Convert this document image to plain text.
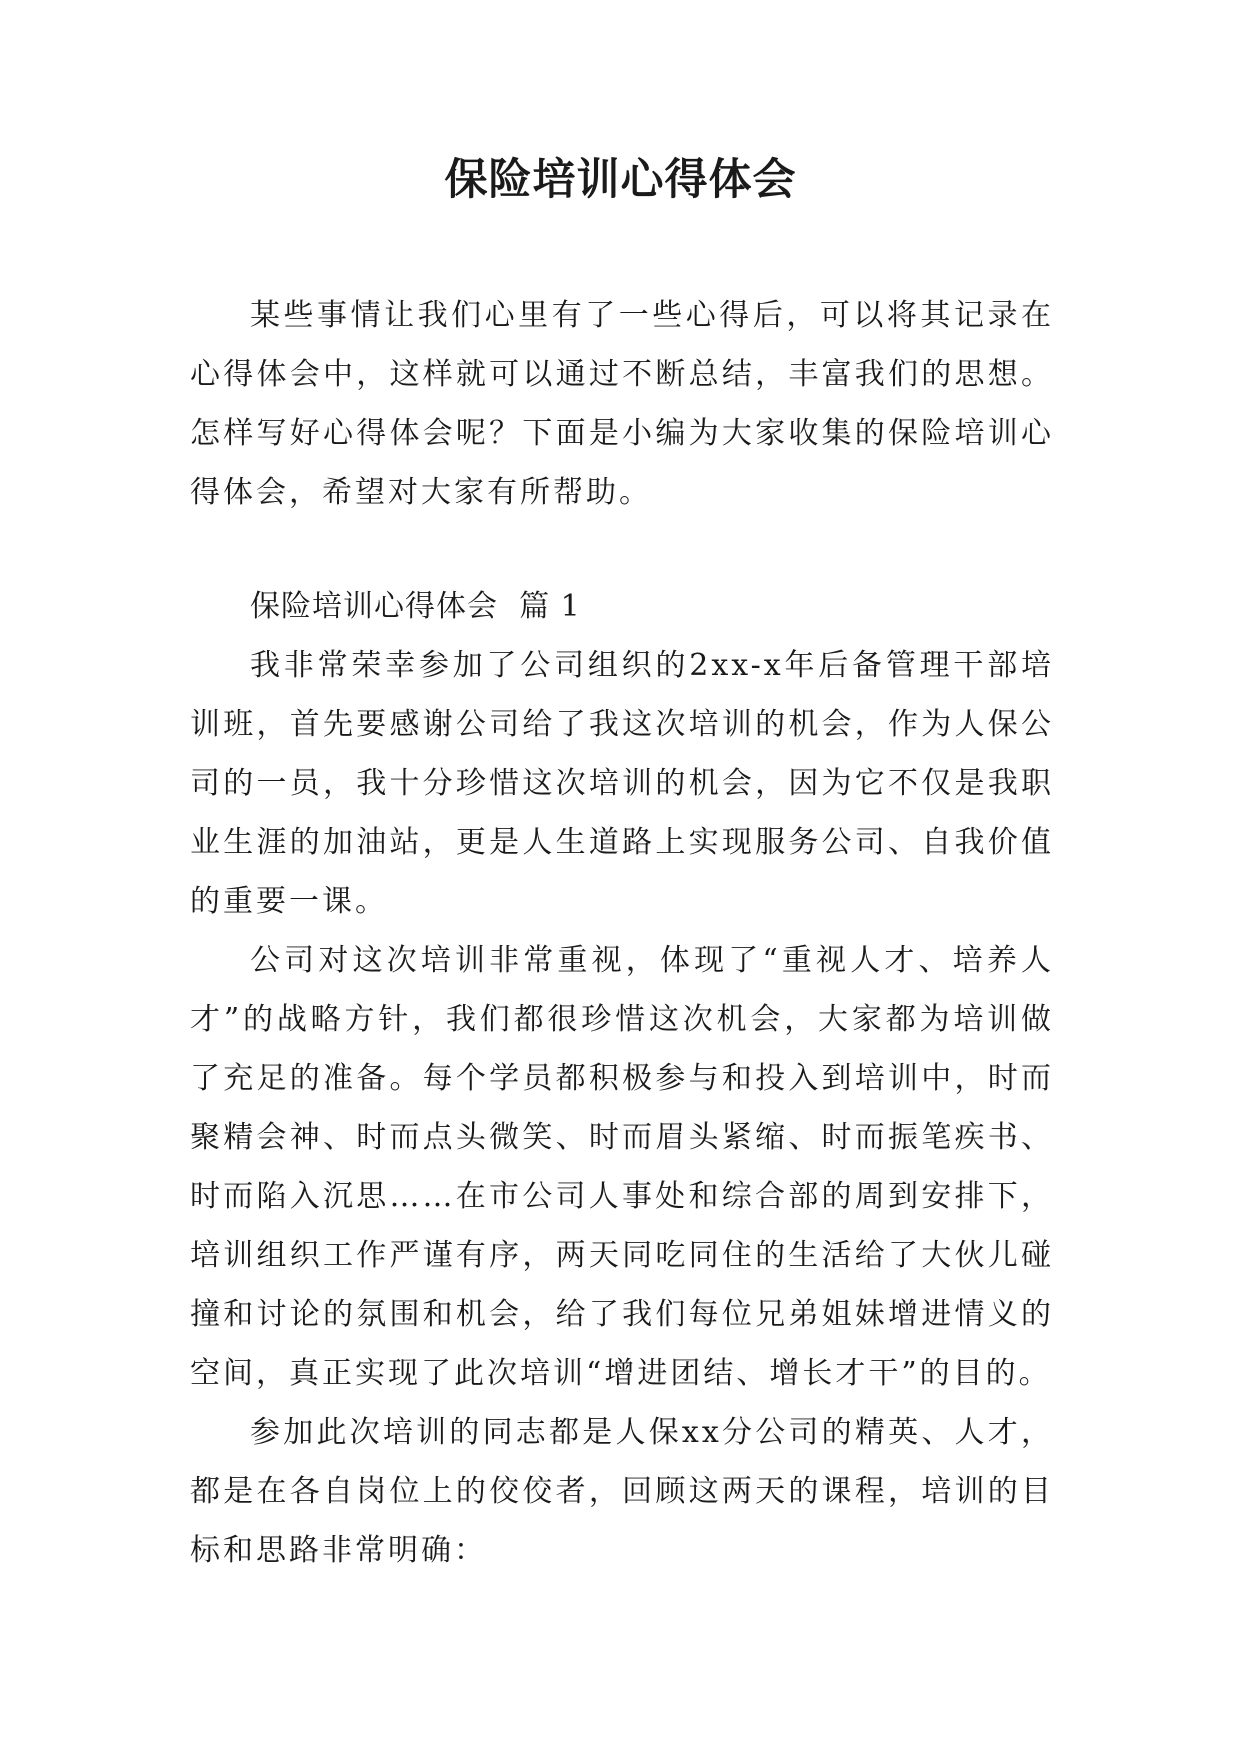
保险培训心得体会

某些事情让我们心里有了一些心得后，可以将其记录在心得体会中，这样就可以通过不断总结，丰富我们的思想。怎样写好心得体会呢？下面是小编为大家收集的保险培训心得体会，希望对大家有所帮助。

保险培训心得体会  篇 1

我非常荣幸参加了公司组织的2xx-x年后备管理干部培训班，首先要感谢公司给了我这次培训的机会，作为人保公司的一员，我十分珍惜这次培训的机会，因为它不仅是我职业生涯的加油站，更是人生道路上实现服务公司、自我价值的重要一课。

公司对这次培训非常重视，体现了“重视人才、培养人才”的战略方针，我们都很珍惜这次机会，大家都为培训做了充足的准备。每个学员都积极参与和投入到培训中，时而聚精会神、时而点头微笑、时而眉头紧缩、时而振笔疾书、时而陷入沉思……在市公司人事处和综合部的周到安排下，培训组织工作严谨有序，两天同吃同住的生活给了大伙儿碰撞和讨论的氛围和机会，给了我们每位兄弟姐妹增进情义的空间，真正实现了此次培训“增进团结、增长才干”的目的。

参加此次培训的同志都是人保xx分公司的精英、人才，都是在各自岗位上的佼佼者，回顾这两天的课程，培训的目标和思路非常明确：
